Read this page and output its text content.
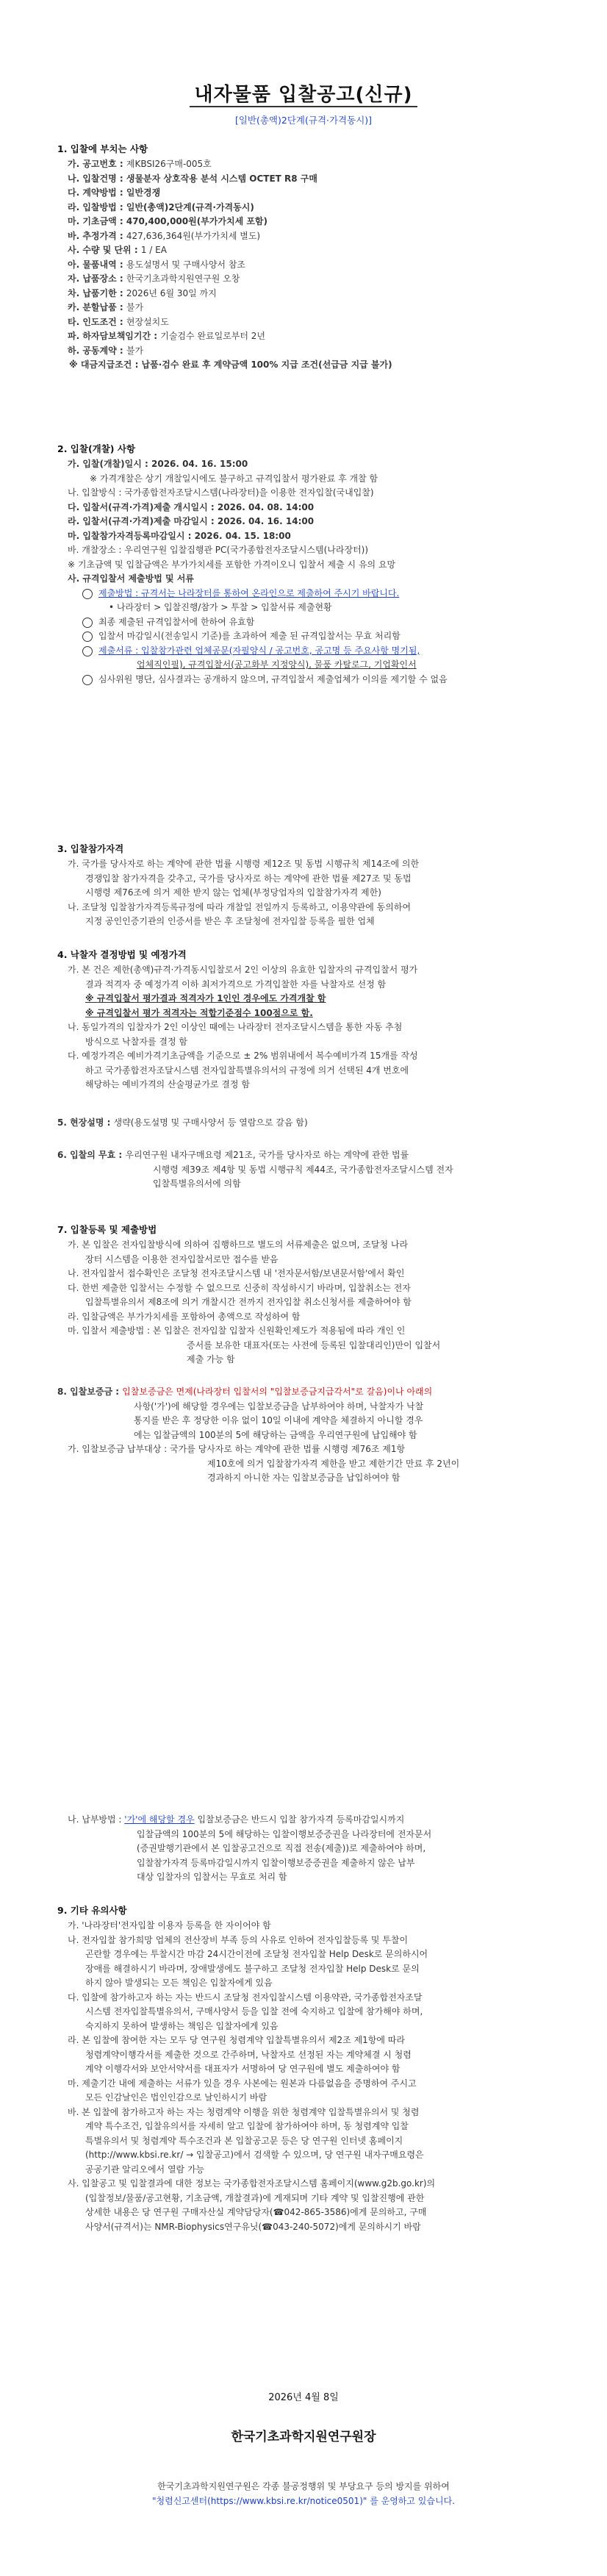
내자물품 입찰공고(신규)
[일반(총액)2단계(규격·가격동시)]
1. 입찰에 부치는 사항
가. 공고번호 : 제KBSI26구매-005호
나. 입찰건명 : 생물분자 상호작용 분석 시스템 OCTET R8 구매
다. 계약방법 : 일반경쟁
라. 입찰방법 : 일반(총액)2단계(규격·가격동시)
마. 기초금액 : 470,400,000원(부가가치세 포함)
바. 추정가격 : 427,636,364원(부가가치세 별도)
사. 수량 및 단위 : 1 / EA
아. 물품내역 : 용도설명서 및 구매사양서 참조
자. 납품장소 : 한국기초과학지원연구원 오창
차. 납품기한 : 2026년 6월 30일 까지
카. 분할납품 : 불가
타. 인도조건 : 현장설치도
파. 하자담보책임기간 : 기술검수 완료일로부터 2년
하. 공동계약 : 불가
※ 대금지급조건 : 납품·검수 완료 후 계약금액 100% 지급 조건(선급금 지급 불가)
2. 입찰(개찰) 사항
가. 입찰(개찰)일시 : 2026. 04. 16. 15:00
※ 가격개찰은 상기 개찰일시에도 불구하고 규격입찰서 평가완료 후 개찰 함
나. 입찰방식 : 국가종합전자조달시스템(나라장터)을 이용한 전자입찰(국내입찰)
다. 입찰서(규격·가격)제출 개시일시 : 2026. 04. 08. 14:00
라. 입찰서(규격·가격)제출 마감일시 : 2026. 04. 16. 14:00
마. 입찰참가자격등록마감일시 : 2026. 04. 15. 18:00
바. 개찰장소 : 우리연구원 입찰집행관 PC(국가종합전자조달시스템(나라장터))
※ 기초금액 및 입찰금액은 부가가치세를 포함한 가격이오니 입찰서 제출 시 유의 요망
사. 규격입찰서 제출방법 및 서류
제출방법 : 규격서는 나라장터를 통하여 온라인으로 제출하여 주시기 바랍니다.
• 나라장터 > 입찰진행/참가 > 투찰 > 입찰서류 제출현황
최종 제출된 규격입찰서에 한하여 유효함
입찰서 마감일시(전송일시 기준)를 초과하여 제출 된 규격입찰서는 무효 처리함
제출서류 : 입찰참가관련 업체공문(자필양식 / 공고번호, 공고명 등 주요사항 명기됨,
업체직인필), 규격입찰서(공고화부 지정양식), 물품 카탈로그, 기업확인서
심사위원 명단, 심사결과는 공개하지 않으며, 규격입찰서 제출업체가 이의를 제기할 수 없음
3. 입찰참가자격
가. 국가를 당사자로 하는 계약에 관한 법률 시행령 제12조 및 동법 시행규칙 제14조에 의한
경쟁입찰 참가자격을 갖추고, 국가를 당사자로 하는 계약에 관한 법률 제27조 및 동법
시행령 제76조에 의거 제한 받지 않는 업체(부정당업자의 입찰참가자격 제한)
나. 조달청 입찰참가자격등록규정에 따라 개찰일 전일까지 등록하고, 이용약관에 동의하여
지정 공인인증기관의 인증서를 받은 후 조달청에 전자입찰 등록을 필한 업체
4. 낙찰자 결정방법 및 예정가격
가. 본 건은 제한(총액)규격·가격동시입찰로서 2인 이상의 유효한 입찰자의 규격입찰서 평가
결과 적격자 중 예정가격 이하 최저가격으로 가격입찰한 자를 낙찰자로 선정 함
※ 규격입찰서 평가결과 적격자가 1인인 경우에도 가격개찰 함
※ 규격입찰서 평가 적격자는 적합기준점수 100점으로 함.
나. 동일가격의 입찰자가 2인 이상인 때에는 나라장터 전자조달시스템을 통한 자동 추첨
방식으로 낙찰자를 결정 함
다. 예정가격은 예비가격기초금액을 기준으로 ± 2% 범위내에서 복수예비가격 15개를 작성
하고 국가종합전자조달시스템 전자입찰특별유의서의 규정에 의거 선택된 4개 번호에
해당하는 예비가격의 산술평균가로 결정 함
5. 현장설명 : 생략(용도설명 및 구매사양서 등 열람으로 갈음 함)
6. 입찰의 무효 : 우리연구원 내자구매요령 제21조, 국가를 당사자로 하는 계약에 관한 법률
시행령 제39조 제4항 및 동법 시행규칙 제44조, 국가종합전자조달시스템 전자
입찰특별유의서에 의함
7. 입찰등록 및 제출방법
가. 본 입찰은 전자입찰방식에 의하여 집행하므로 별도의 서류제출은 없으며, 조달청 나라
장터 시스템을 이용한 전자입찰서로만 접수를 받음
나. 전자입찰서 접수확인은 조달청 전자조달시스템 내 '전자문서함/보낸문서함'에서 확인
다. 한번 제출한 입찰서는 수정할 수 없으므로 신중히 작성하시기 바라며, 입찰취소는 전자
입찰특별유의서 제8조에 의거 개찰시간 전까지 전자입찰 취소신청서를 제출하여야 함
라. 입찰금액은 부가가치세를 포함하여 총액으로 작성하여 함
마. 입찰서 제출방법 : 본 입찰은 전자입찰 입찰자 신원확인제도가 적용됨에 따라 개인 인
증서를 보유한 대표자(또는 사전에 등록된 입찰대리인)만이 입찰서
제출 가능 함
8. 입찰보증금 : 입찰보증금은 면제(나라장터 입찰서의 "입찰보증금지급각서"로 갈음)이나 아래의
사항('가')에 해당할 경우에는 입찰보증금을 납부하여야 하며, 낙찰자가 낙찰
통지를 받은 후 정당한 이유 없이 10일 이내에 계약을 체결하지 아니할 경우
에는 입찰금액의 100분의 5에 해당하는 금액을 우리연구원에 납입해야 함
가. 입찰보증금 납부대상 : 국가를 당사자로 하는 계약에 관한 법률 시행령 제76조 제1항
제10호에 의거 입찰참가자격 제한을 받고 제한기간 만료 후 2년이
경과하지 아니한 자는 입찰보증금을 납입하여야 함
나. 납부방법 : '가'에 해당할 경우 입찰보증금은 반드시 입찰 참가자격 등록마감일시까지
입찰금액의 100분의 5에 해당하는 입찰이행보증증권을 나라장터에 전자문서
(증권발행기관에서 본 입찰공고건으로 직접 전송(제출))로 제출하여야 하며,
입찰참가자격 등록마감일시까지 입찰이행보증증권을 제출하지 않은 납부
대상 입찰자의 입찰서는 무효로 처리 함
9. 기타 유의사항
가. '나라장터'전자입찰 이용자 등록을 한 자이어야 함
나. 전자입찰 참가희망 업체의 전산장비 부족 등의 사유로 인하여 전자입찰등록 및 투찰이
곤란할 경우에는 투찰시간 마감 24시간이전에 조달청 전자입찰 Help Desk로 문의하시어
장애를 해결하시기 바라며, 장애발생에도 불구하고 조달청 전자입찰 Help Desk로 문의
하지 않아 발생되는 모든 책임은 입찰자에게 있음
다. 입찰에 참가하고자 하는 자는 반드시 조달청 전자입찰시스템 이용약관, 국가종합전자조달
시스템 전자입찰특별유의서, 구매사양서 등을 입찰 전에 숙지하고 입찰에 참가해야 하며,
숙지하지 못하여 발생하는 책임은 입찰자에게 있음
라. 본 입찰에 참여한 자는 모두 당 연구원 청렴계약 입찰특별유의서 제2조 제1항에 따라
청렴계약이행각서를 제출한 것으로 간주하며, 낙찰자로 선정된 자는 계약체결 시 청렴
계약 이행각서와 보안서약서를 대표자가 서명하여 당 연구원에 별도 제출하여야 함
마. 제출기간 내에 제출하는 서류가 있을 경우 사본에는 원본과 다름없음을 증명하여 주시고
모든 인감날인은 법인인감으로 날인하시기 바람
바. 본 입찰에 참가하고자 하는 자는 청렴계약 이행을 위한 청렴계약 입찰특별유의서 및 청렴
계약 특수조건, 입찰유의서를 자세히 알고 입찰에 참가하여야 하며, 동 청렴계약 입찰
특별유의서 및 청렴계약 특수조건과 본 입찰공고문 등은 당 연구원 인터넷 홈페이지
(http://www.kbsi.re.kr/ → 입찰공고)에서 검색할 수 있으며, 당 연구원 내자구매요령은
공공기관 알리오에서 열람 가능
사. 입찰공고 및 입찰결과에 대한 정보는 국가종합전자조달시스템 홈페이지(www.g2b.go.kr)의
(입찰정보/물품/공고현황, 기초금액, 개찰결과)에 게재되며 기타 계약 및 입찰진행에 관한
상세한 내용은 당 연구원 구매자산실 계약담당자(☎042-865-3586)에게 문의하고, 구매
사양서(규격서)는 NMR-Biophysics연구유닛(☎043-240-5072)에게 문의하시기 바람
2026년 4월 8일
한국기초과학지원연구원장
한국기초과학지원연구원은 각종 불공정행위 및 부당요구 등의 방지를 위하여
"청렴신고센터(https://www.kbsi.re.kr/notice0501)" 를 운영하고 있습니다.
